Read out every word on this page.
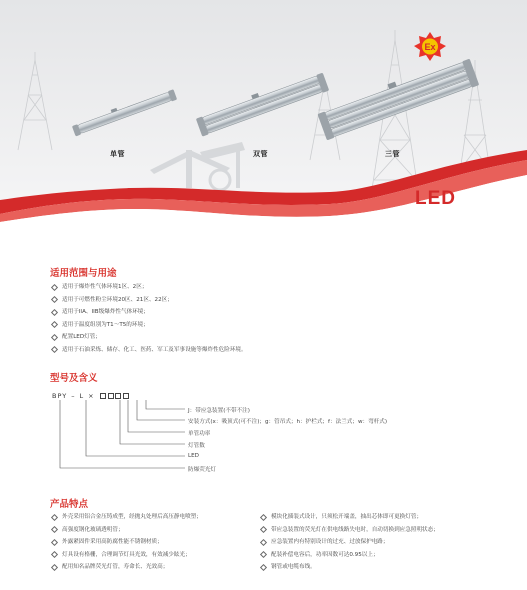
Ex
单管	双管	三管
LED
适用范围与用途
适用于爆炸性气体环境1区、2区；
适用于可燃性粉尘环境20区、21区、22区；
适用于IIA、IIB级爆炸性气体环境；
适用于温度组别为T1～T5的环境；
配置LED灯管；
适用于石油采炼、储存、化工、医药、军工及军事设施等爆炸性危险环境。
型号及含义
BPY – L ×
J：带应急装置(不带不注)
安装方式(x：吸顶式(可不注)；g：管吊式；h：护栏式；f：法兰式；w：弯杆式)
单管功率
灯管数
LED
防爆荧光灯
产品特点
外壳采用铝合金压铸成型，经抛丸处理后高压静电喷塑；
高强度钢化玻璃透明管；
外露紧固件采用高防腐性能不锈钢材质；
灯具设有格栅，合理调节灯具光效，有效减少眩光；
配用知名品牌荧光灯管，寿命长、光效高；
模块化插装式设计，只须松开端盖，抽出芯体即可更换灯管；
带应急装置的荧光灯在供电线路失电时，自动切换到应急照明状态；
应急装置内有特别设计的过充、过放保护电路；
配装补偿电容后，功率因数可达0.95以上；
钢管或电缆布线。
